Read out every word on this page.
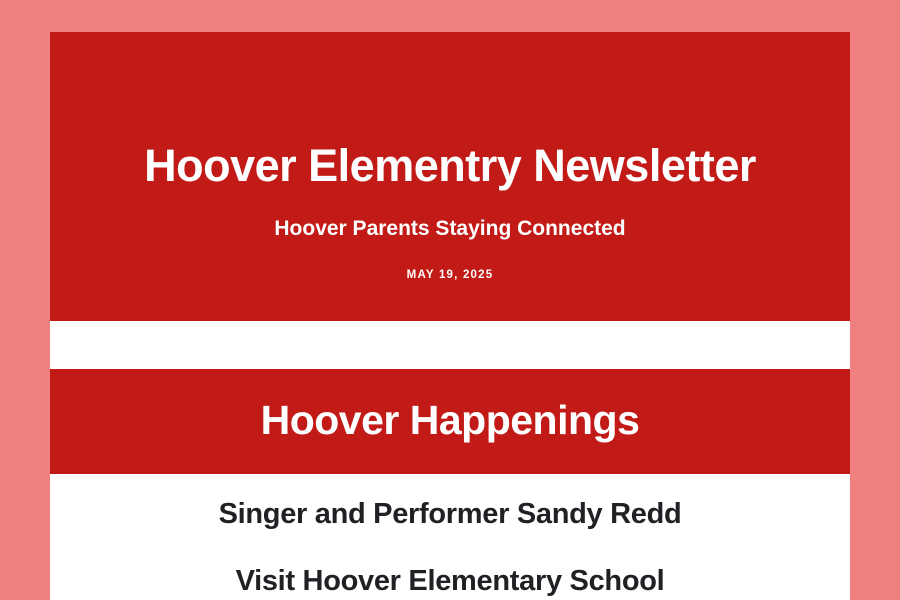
Hoover Elementry Newsletter
Hoover Parents Staying Connected
MAY 19, 2025
Hoover Happenings
Singer and Performer Sandy Redd
Visit Hoover Elementary School
